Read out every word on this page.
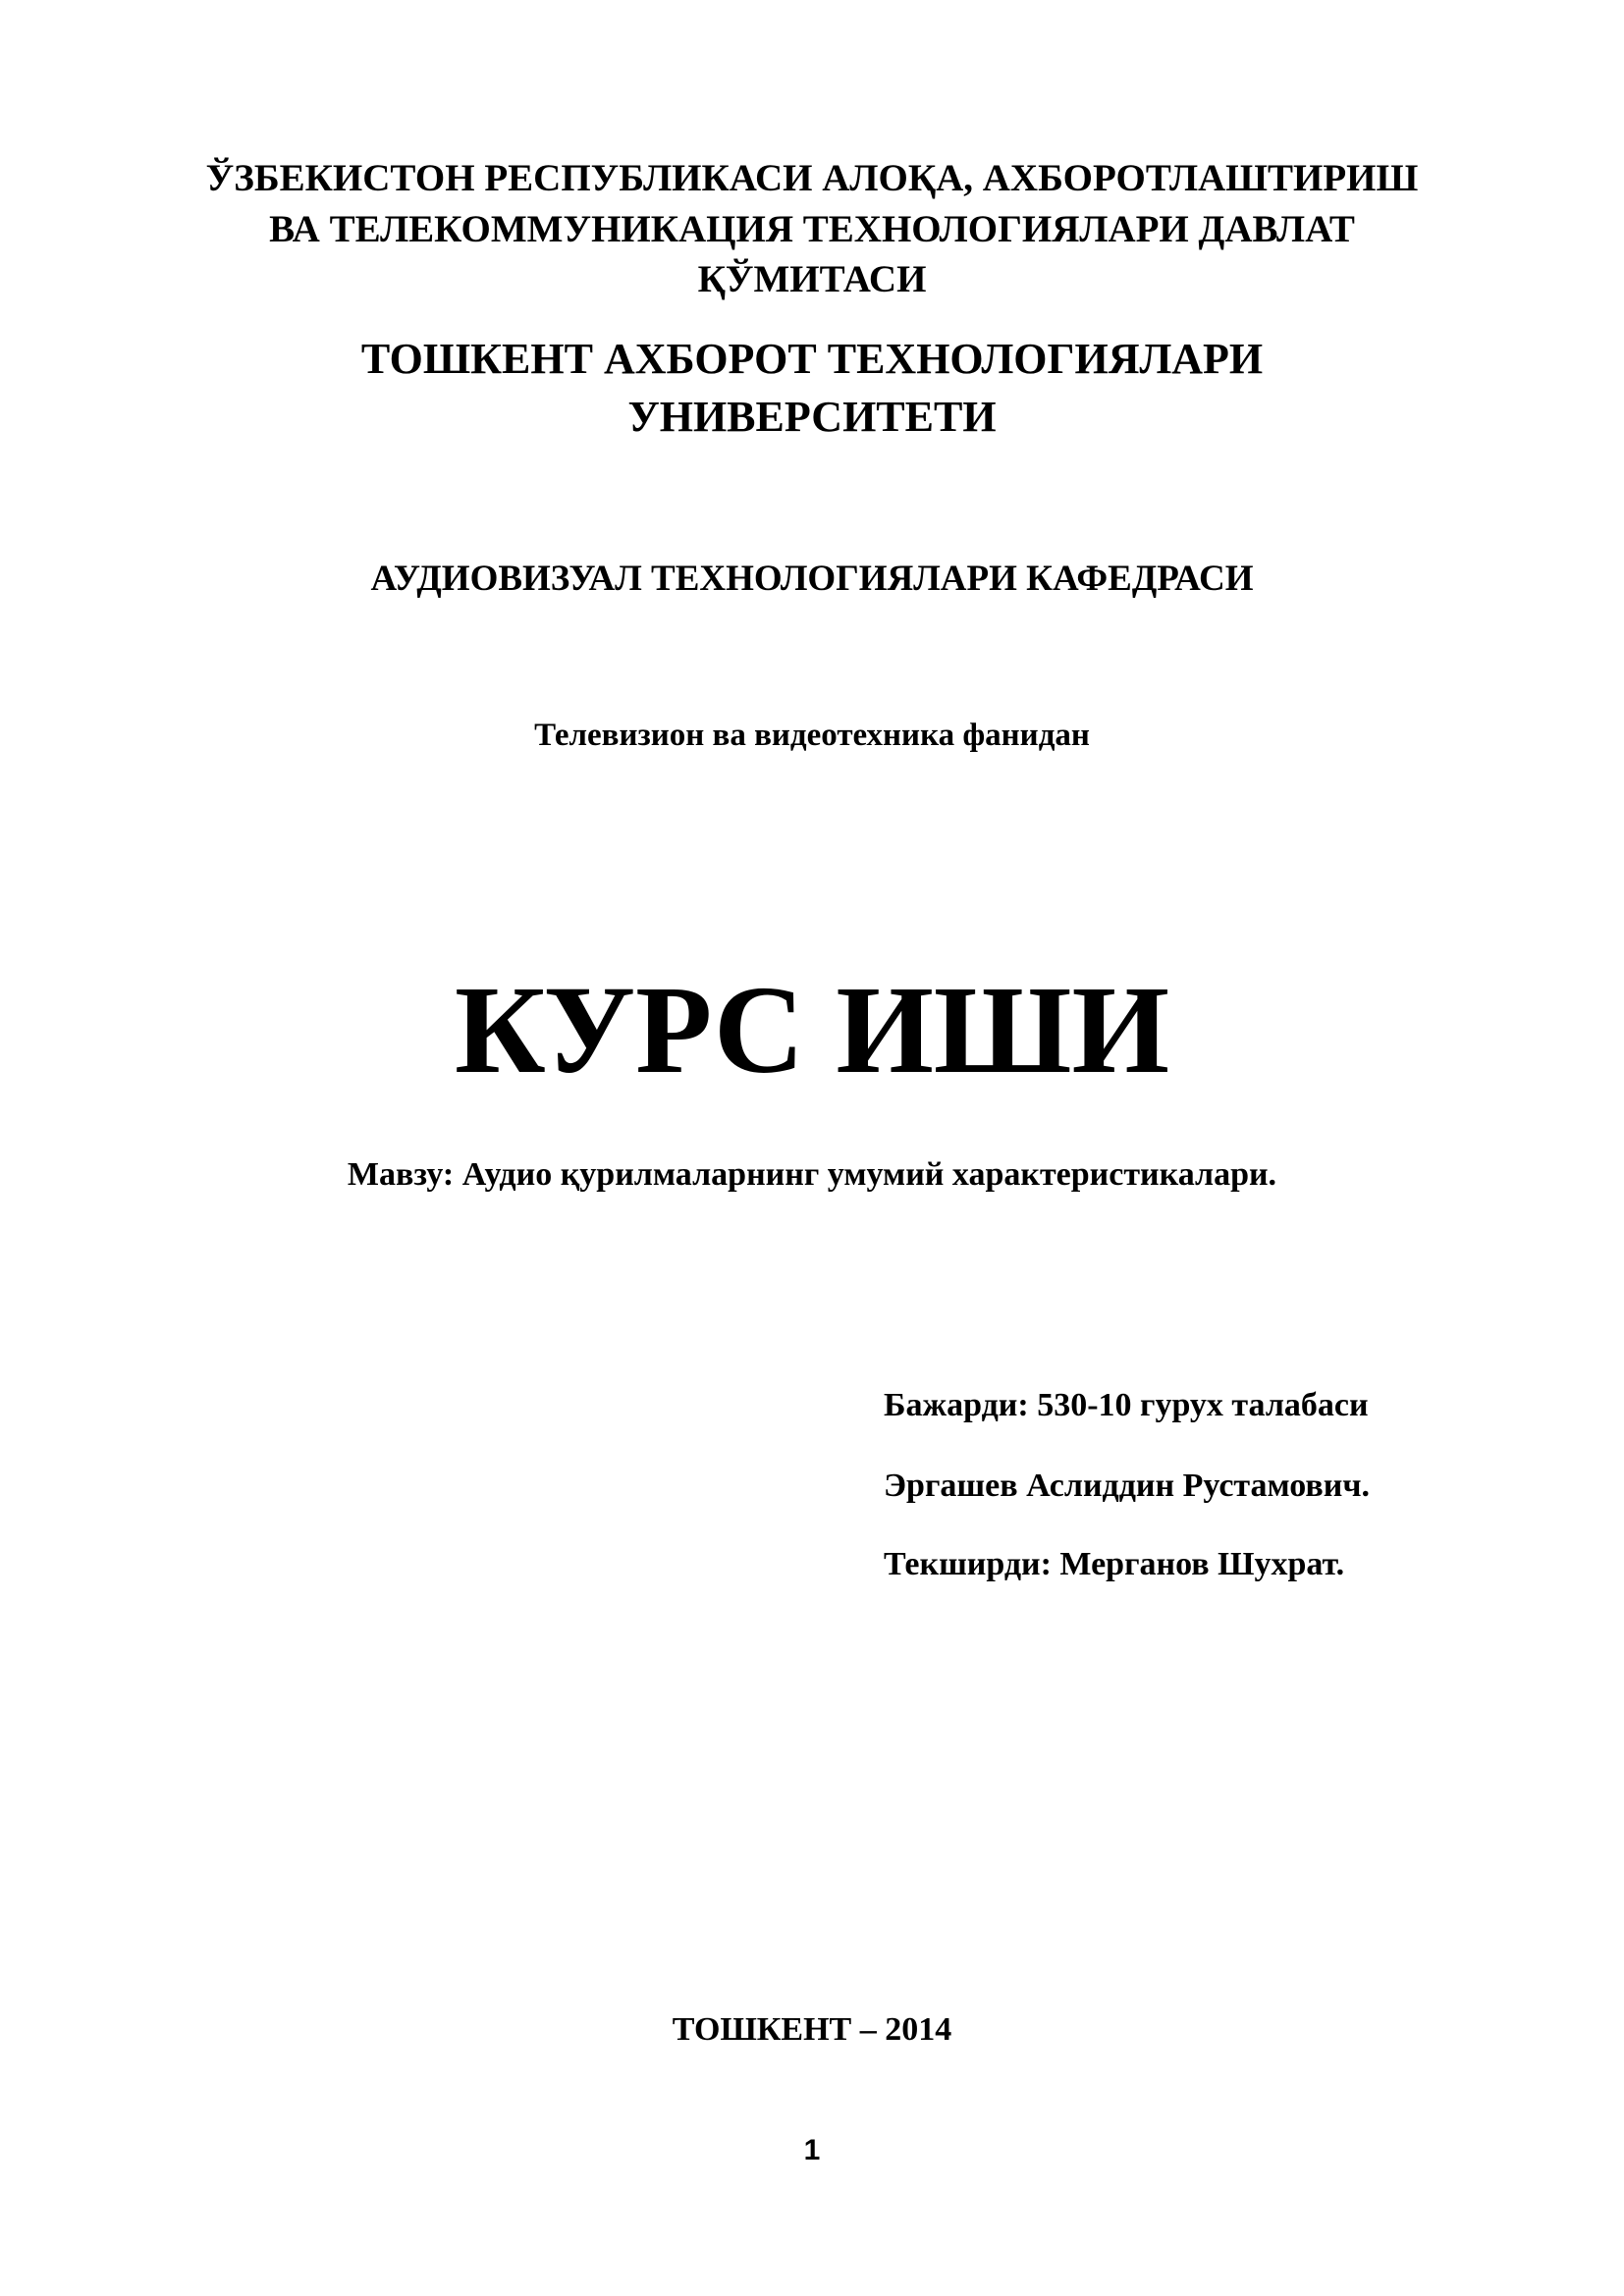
ЎЗБЕКИСТОН РЕСПУБЛИКАСИ АЛОҚА, АХБОРОТЛАШТИРИШ
ВА ТЕЛЕКОММУНИКАЦИЯ ТЕХНОЛОГИЯЛАРИ ДАВЛАТ
ҚЎМИТАСИ
ТОШКЕНТ АХБОРОТ ТЕХНОЛОГИЯЛАРИ
УНИВЕРСИТЕТИ
АУДИОВИЗУАЛ ТЕХНОЛОГИЯЛАРИ КАФЕДРАСИ
Телевизион ва видеотехника фанидан
КУРС ИШИ
Мавзу: Аудио қурилмаларнинг умумий характеристикалари.
Бажарди: 530-10 гурух талабаси
Эргашев Аслиддин Рустамович.
Текширди: Мерганов Шухрат.
ТОШКЕНТ – 2014
1
